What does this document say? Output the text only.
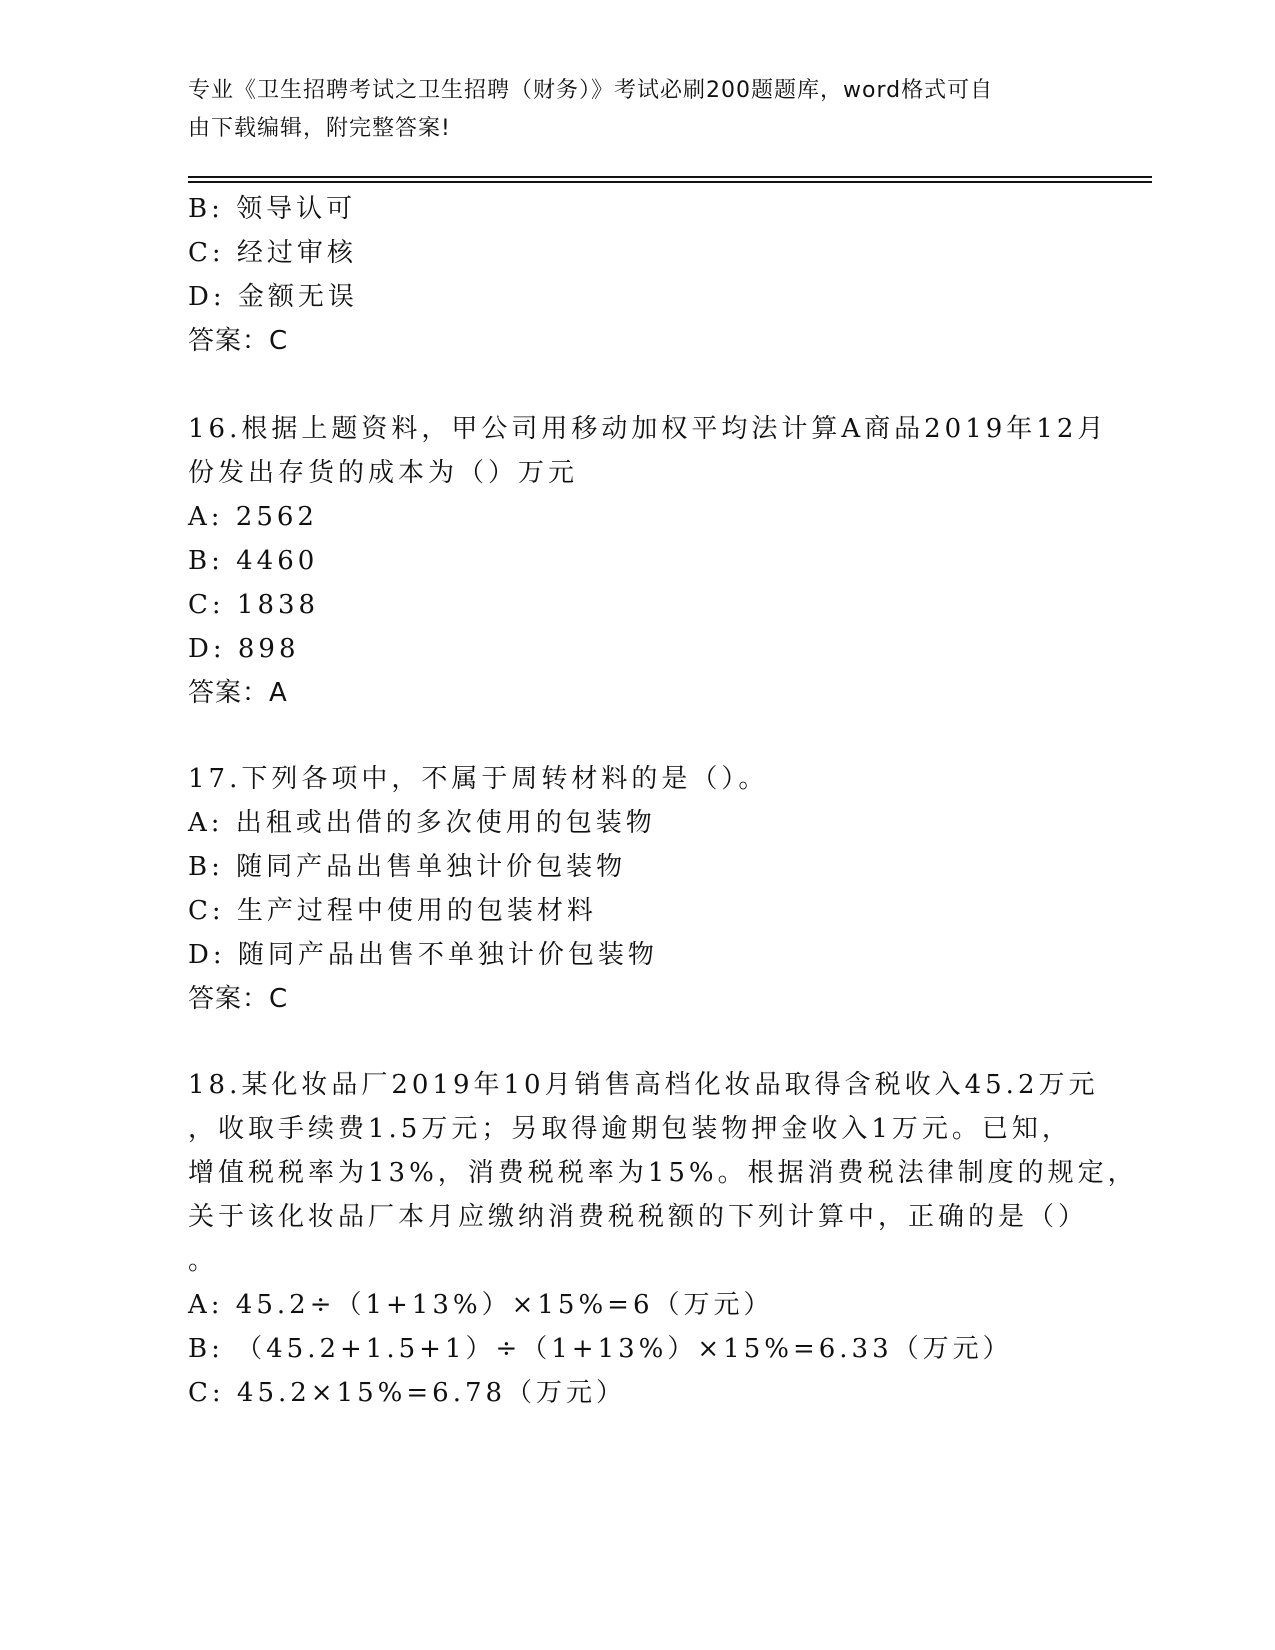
专业《卫生招聘考试之卫生招聘（财务）》考试必刷200题题库，word格式可自
由下载编辑，附完整答案!
B: 领导认可
C: 经过审核
D: 金额无误
答案：C
16.根据上题资料，甲公司用移动加权平均法计算A商品2019年12月
份发出存货的成本为（）万元
A: 2562
B: 4460
C: 1838
D: 898
答案：A
17.下列各项中，不属于周转材料的是（）。
A: 出租或出借的多次使用的包装物
B: 随同产品出售单独计价包装物
C: 生产过程中使用的包装材料
D: 随同产品出售不单独计价包装物
答案：C
18.某化妆品厂2019年10月销售高档化妆品取得含税收入45.2万元
，收取手续费1.5万元；另取得逾期包装物押金收入1万元。已知，
增值税税率为13%，消费税税率为15%。根据消费税法律制度的规定，
关于该化妆品厂本月应缴纳消费税税额的下列计算中，正确的是（）
。
A: 45.2÷（1+13%）×15%=6（万元）
B: （45.2+1.5+1）÷（1+13%）×15%=6.33（万元）
C: 45.2×15%=6.78（万元）
